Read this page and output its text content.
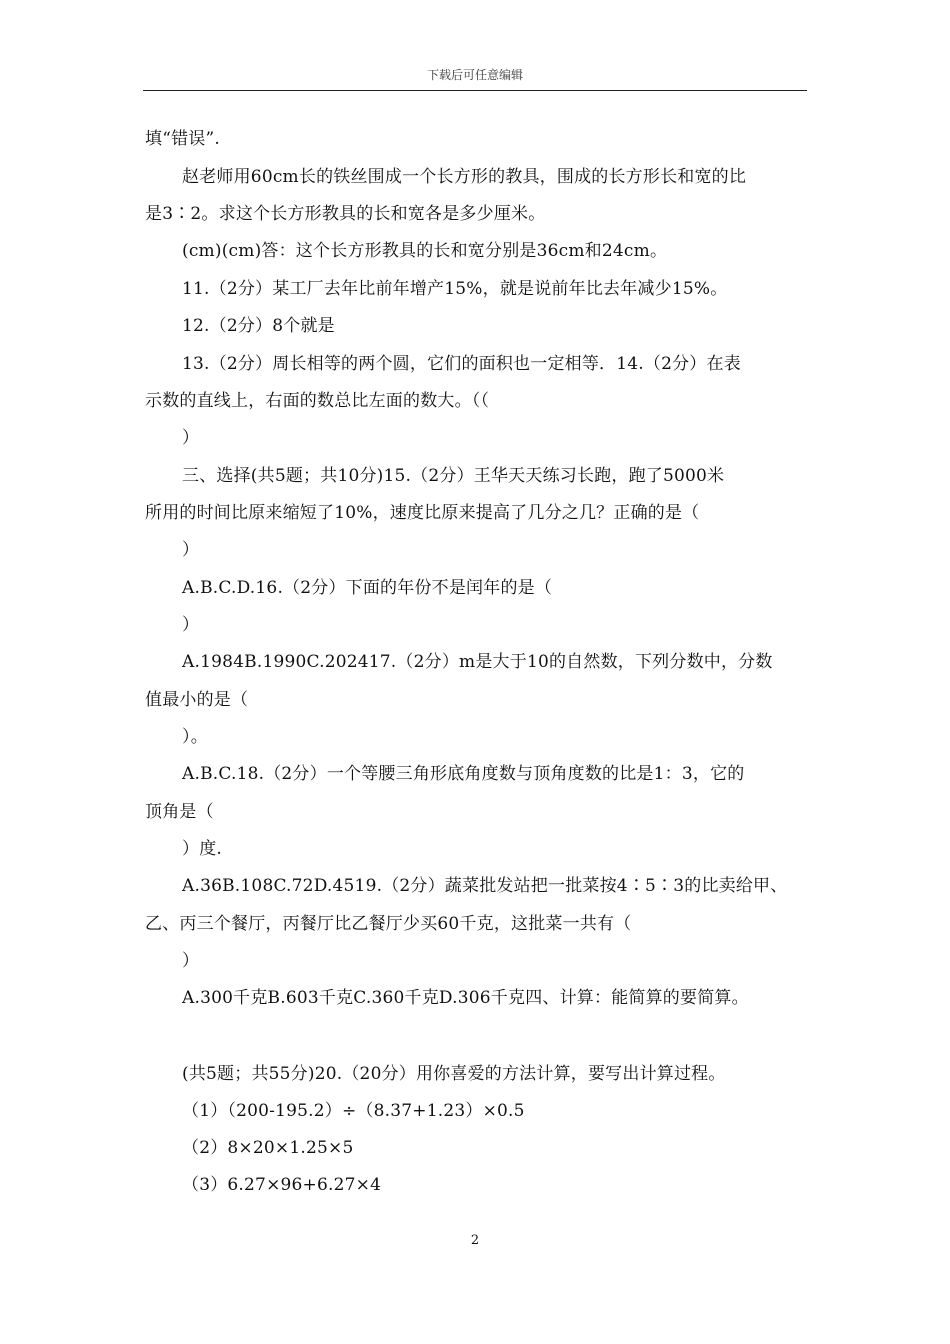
下载后可任意编辑
填“错误”.
赵老师用60cm长的铁丝围成一个长方形的教具，围成的长方形长和宽的比
是3∶2。求这个长方形教具的长和宽各是多少厘米。
(cm)(cm)答：这个长方形教具的长和宽分别是36cm和24cm。
11.（2分）某工厂去年比前年增产15%，就是说前年比去年减少15%。
12.（2分）8个就是
13.（2分）周长相等的两个圆，它们的面积也一定相等．14.（2分）在表
示数的直线上，右面的数总比左面的数大。（（
）
三、选择(共5题；共10分)15.（2分）王华天天练习长跑，跑了5000米
所用的时间比原来缩短了10%，速度比原来提高了几分之几？正确的是（
）
A.B.C.D.16.（2分）下面的年份不是闰年的是（
）
A.1984B.1990C.202417.（2分）m是大于10的自然数，下列分数中，分数
值最小的是（
）。
A.B.C.18.（2分）一个等腰三角形底角度数与顶角度数的比是1：3，它的
顶角是（
）度.
A.36B.108C.72D.4519.（2分）蔬菜批发站把一批菜按4∶5∶3的比卖给甲、
乙、丙三个餐厅，丙餐厅比乙餐厅少买60千克，这批菜一共有（
）
A.300千克B.603千克C.360千克D.306千克四、计算：能简算的要简算。
(共5题；共55分)20.（20分）用你喜爱的方法计算，要写出计算过程。
（1）（200-195.2）÷（8.37+1.23）×0.5
（2）8×20×1.25×5
（3）6.27×96+6.27×4
2
